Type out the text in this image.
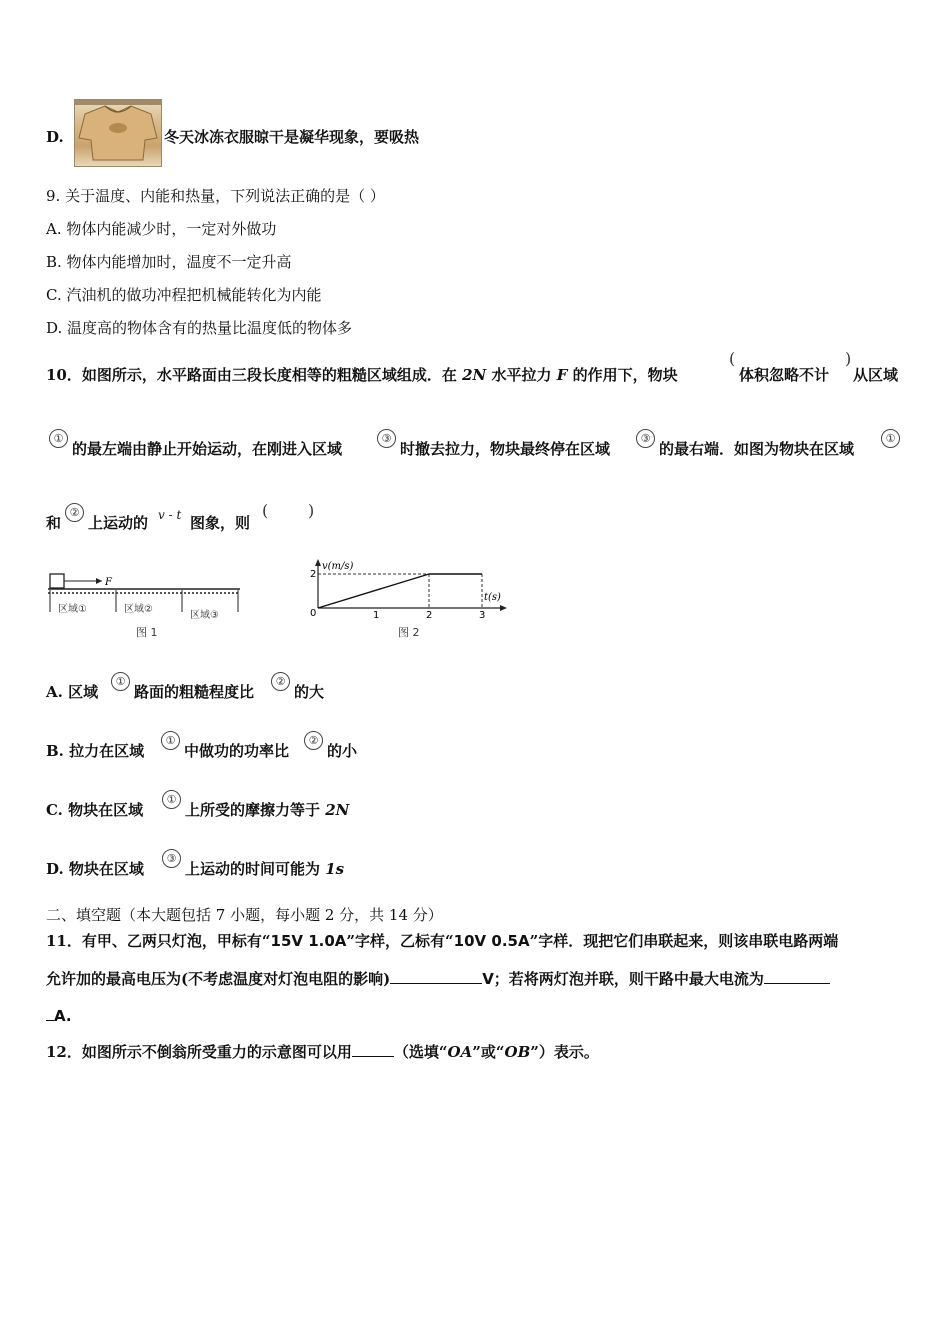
D.	冬天冰冻衣服晾干是凝华现象，要吸热
9. 关于温度、内能和热量，下列说法正确的是（ ）
A. 物体内能减少时，一定对外做功
B. 物体内能增加时，温度不一定升高
C. 汽油机的做功冲程把机械能转化为内能
D. 温度高的物体含有的热量比温度低的物体多
10．如图所示，水平路面由三段长度相等的粗糙区域组成．在 2N 水平拉力 F 的作用下，物块
(
体积忽略不计
)
从区域
①
的最左端由静止开始运动，在刚进入区域
③
时撤去拉力，物块最终停在区域
③
的最右端．如图为物块在区域
①
和
②
上运动的 v - t 图象，则
( )
F
区域①	区域②
区域③
图 1
v(m/s)
t(s)
2
0	1	2	3
图 2
A. 区域
①
路面的粗糙程度比
②
的大
B. 拉力在区域
①
中做功的功率比
②
的小
C. 物块在区域
①
上所受的摩擦力等于 2N
D. 物块在区域
③
上运动的时间可能为 1s
二、填空题（本大题包括 7 小题，每小题 2 分，共 14 分）
11．有甲、乙两只灯泡，甲标有“15V 1.0A”字样，乙标有“10V 0.5A”字样．现把它们串联起来，则该串联电路两端
允许加的最高电压为(不考虑温度对灯泡电阻的影响)	V；若将两灯泡并联，则干路中最大电流为
A.
12．如图所示不倒翁所受重力的示意图可以用	（选填“OA”或“OB”）表示。
